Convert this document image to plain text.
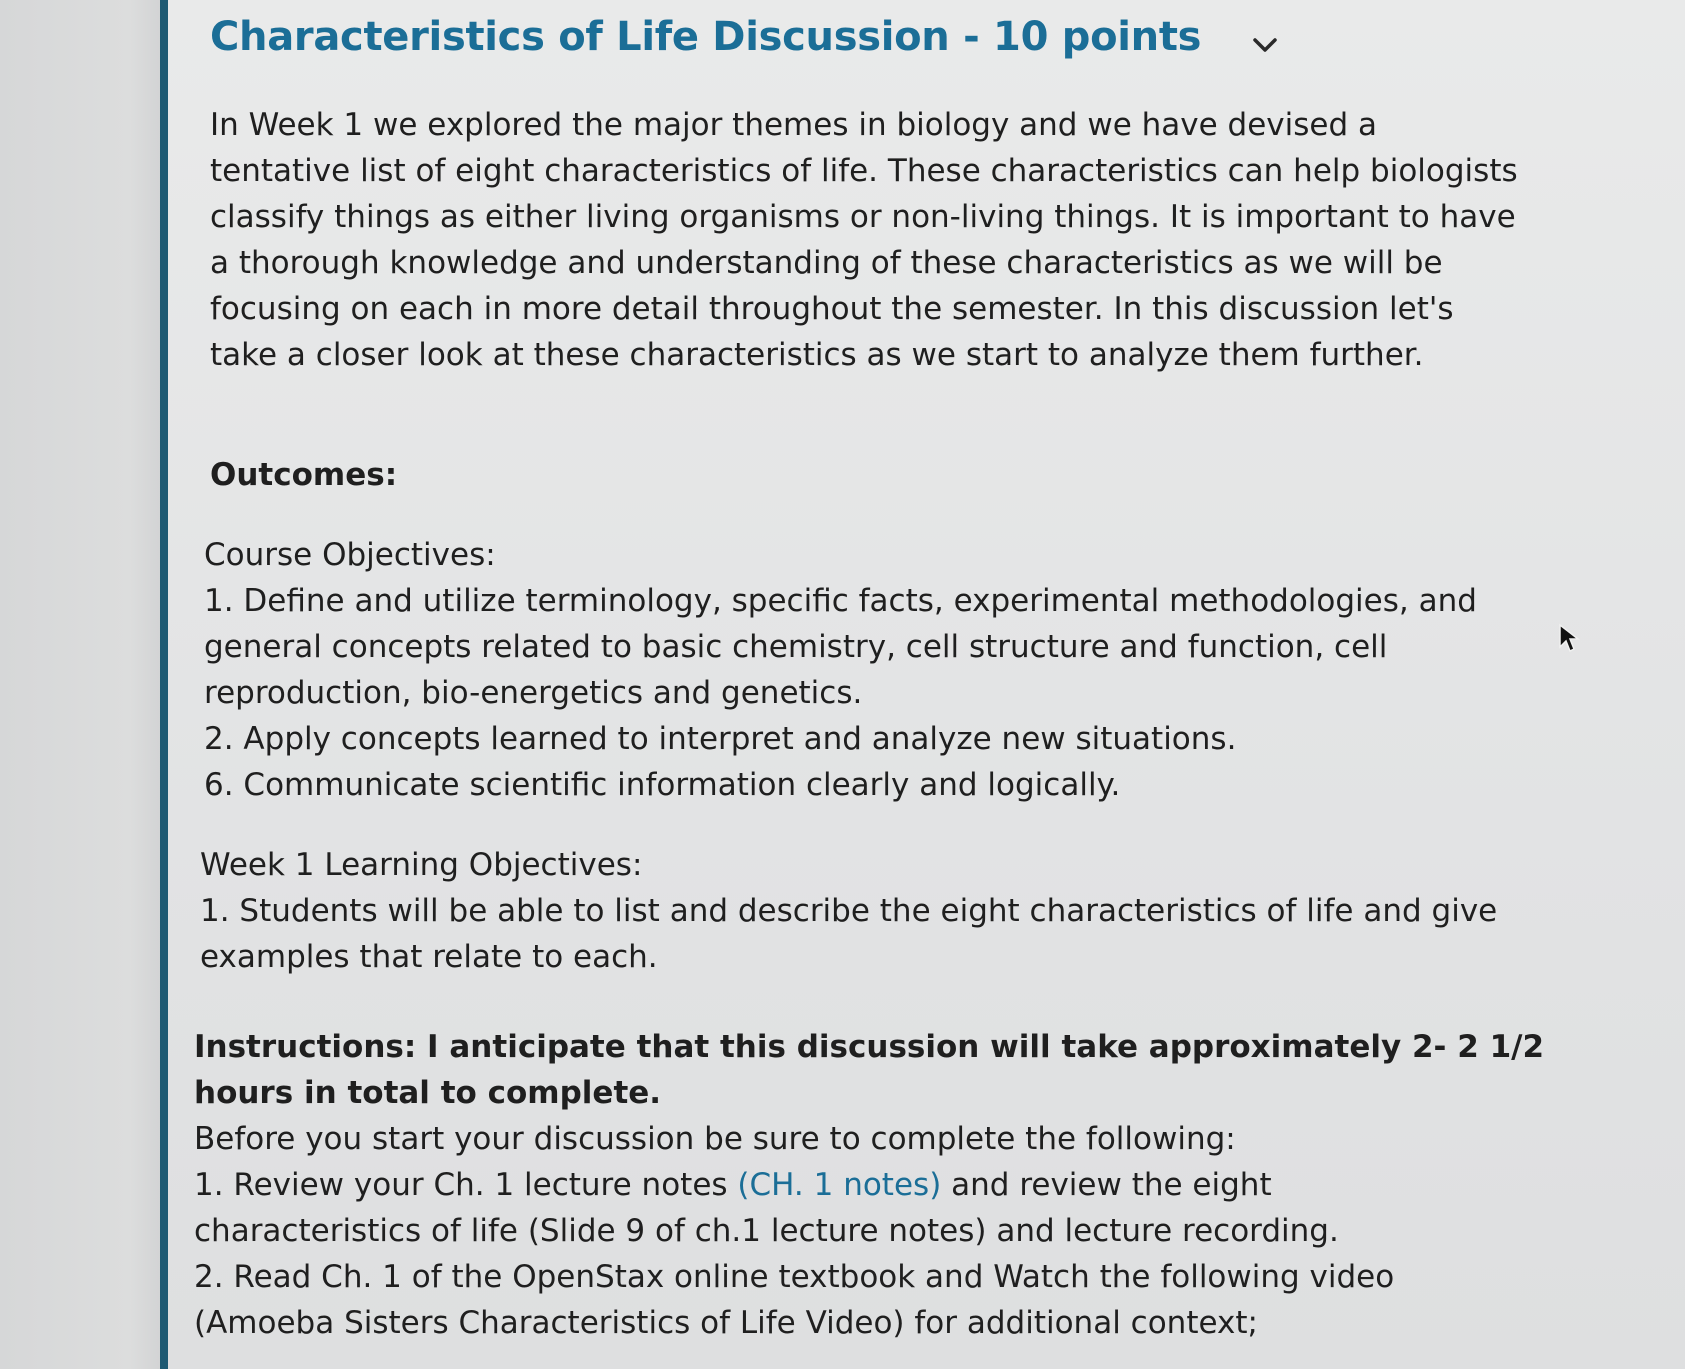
Characteristics of Life Discussion - 10 points
In Week 1 we explored the major themes in biology and we have devised a
tentative list of eight characteristics of life. These characteristics can help biologists
classify things as either living organisms or non-living things. It is important to have
a thorough knowledge and understanding of these characteristics as we will be
focusing on each in more detail throughout the semester. In this discussion let's
take a closer look at these characteristics as we start to analyze them further.
Outcomes:
Course Objectives:
1. Define and utilize terminology, specific facts, experimental methodologies, and
general concepts related to basic chemistry, cell structure and function, cell
reproduction, bio-energetics and genetics.
2. Apply concepts learned to interpret and analyze new situations.
6. Communicate scientific information clearly and logically.
Week 1 Learning Objectives:
1. Students will be able to list and describe the eight characteristics of life and give
examples that relate to each.
Instructions: I anticipate that this discussion will take approximately 2- 2 1/2
hours in total to complete.
Before you start your discussion be sure to complete the following:
1. Review your Ch. 1 lecture notes (CH. 1 notes) and review the eight
characteristics of life (Slide 9 of ch.1 lecture notes) and lecture recording.
2. Read Ch. 1 of the OpenStax online textbook and Watch the following video
(Amoeba Sisters Characteristics of Life Video) for additional context;
